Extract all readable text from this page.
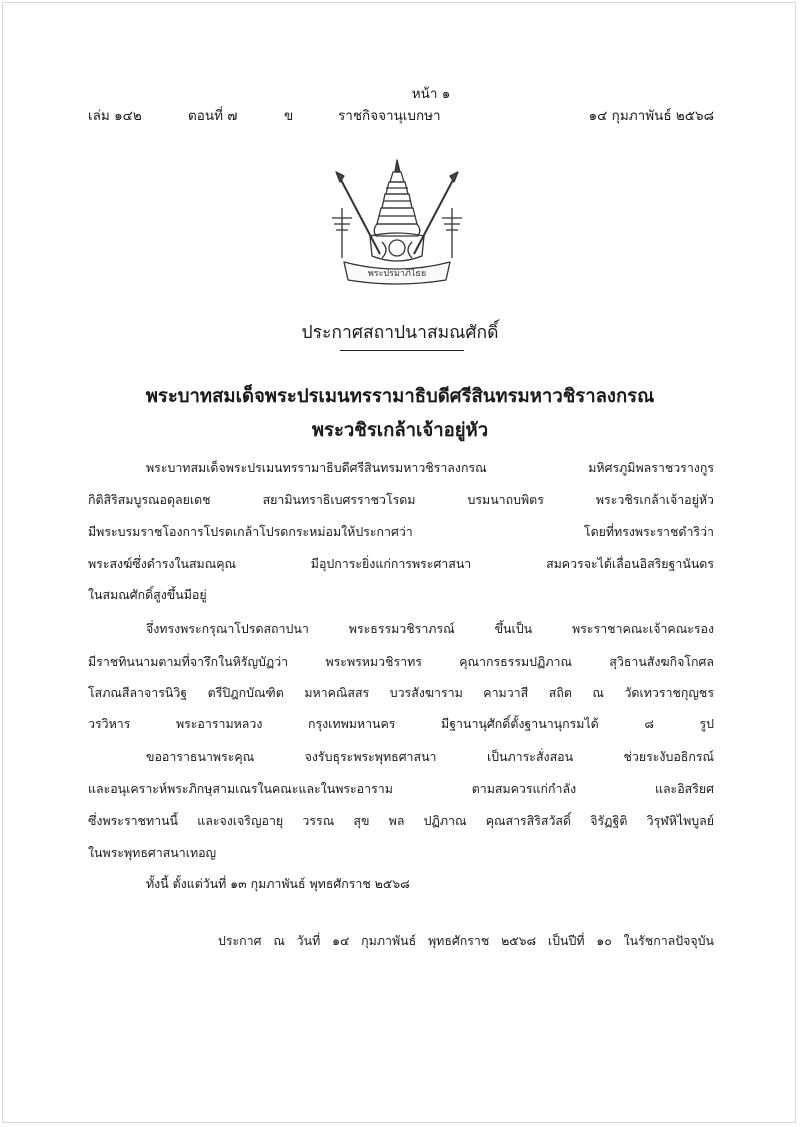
หน้า ๑
เล่ม ๑๔๒	ตอนที่ ๗	ข	ราชกิจจานุเบกษา	๑๔ กุมภาพันธ์ ๒๕๖๘
พระปรมาภิไธย
ประกาศสถาปนาสมณศักดิ์
พระบาทสมเด็จพระปรเมนทรรามาธิบดีศรีสินทรมหาวชิราลงกรณ
พระวชิรเกล้าเจ้าอยู่หัว
พระบาทสมเด็จพระปรเมนทรรามาธิบดีศรีสินทรมหาวชิราลงกรณ มหิศรภูมิพลราชวรางกูร
กิติสิริสมบูรณอดุลยเดช สยามินทราธิเบศรราชวโรดม บรมนาถบพิตร พระวชิรเกล้าเจ้าอยู่หัว
มีพระบรมราชโองการโปรดเกล้าโปรดกระหม่อมให้ประกาศว่า โดยที่ทรงพระราชดำริว่า
พระสงฆ์ซึ่งดำรงในสมณคุณ มีอุปการะยิ่งแก่การพระศาสนา สมควรจะได้เลื่อนอิสริยฐานันดร
ในสมณศักดิ์สูงขึ้นมีอยู่
จึ่งทรงพระกรุณาโปรดสถาปนา พระธรรมวชิราภรณ์ ขึ้นเป็น พระราชาคณะเจ้าคณะรอง
มีราชทินนามตามที่จารึกในหิรัญบัฏว่า พระพรหมวชิราทร คุณากรธรรมปฏิภาณ สุวิธานสังฆกิจโกศล
โสภณสีลาจารนิวิฐ ตรีปิฎกบัณฑิต มหาคณิสสร บวรสังฆาราม คามวาสี สถิต ณ วัดเทวราชกุญชร
วรวิหาร พระอารามหลวง กรุงเทพมหานคร มีฐานานุศักดิ์ตั้งฐานานุกรมได้ ๘ รูป
ขออาราธนาพระคุณ จงรับธุระพระพุทธศาสนา เป็นภาระสั่งสอน ช่วยระงับอธิกรณ์
และอนุเคราะห์พระภิกษุสามเณรในคณะและในพระอาราม ตามสมควรแก่กำลัง และอิสริยศ
ซึ่งพระราชทานนี้ และจงเจริญอายุ วรรณ สุข พล ปฏิภาณ คุณสารสิริสวัสดิ์ จิรัฏฐิติ วิรุฬหิไพบูลย์
ในพระพุทธศาสนาเทอญ
ทั้งนี้ ตั้งแต่วันที่ ๑๓ กุมภาพันธ์ พุทธศักราช ๒๕๖๘
ประกาศ ณ วันที่ ๑๔ กุมภาพันธ์ พุทธศักราช ๒๕๖๘ เป็นปีที่ ๑๐ ในรัชกาลปัจจุบัน
